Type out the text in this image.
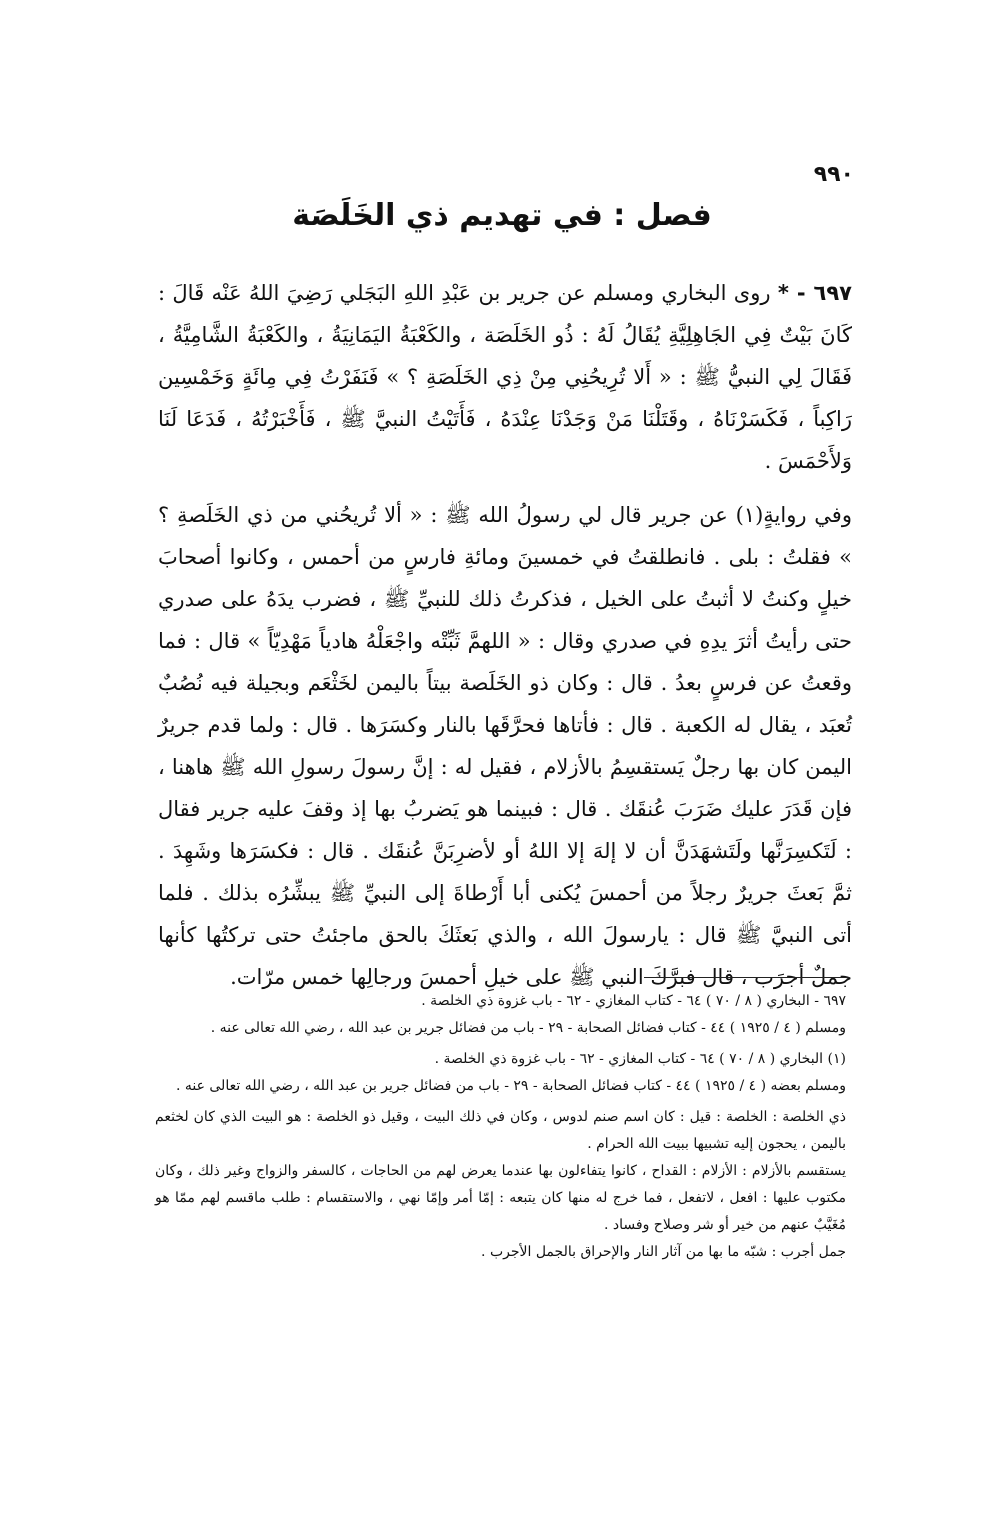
٩٩٠
فصل : في تهديم ذي الخَلَصَة

٦٩٧ - * روى البخاري ومسلم عن جرير بن عَبْدِ اللهِ البَجَلي رَضِيَ اللهُ عَنْه قَالَ : كَانَ بَيْتٌ فِي الجَاهِلِيَّةِ يُقَالُ لَهُ : ذُو الخَلَصَة ، والكَعْبَةُ اليَمَانِيَةُ ، والكَعْبَةُ الشَّامِيَّةُ ، فَقَالَ لِي النبيُّ ﷺ : « أَلا تُرِيحُنِي مِنْ ذِي الخَلَصَةِ ؟ » فَنَفَرْتُ فِي مِائَةٍ وَخَمْسِين رَاكِباً ، فَكَسَرْنَاهُ ، وقَتَلْنَا مَنْ وَجَدْنَا عِنْدَهُ ، فَأَتَيْتُ النبيَّ ﷺ ، فَأَخْبَرْتُهُ ، فَدَعَا لَنَا وَلأَحْمَسَ .

وفي روايةٍ(١) عن جرير قال لي رسولُ الله ﷺ : « ألا تُريحُني من ذي الخَلَصةِ ؟ » فقلتُ : بلى . فانطلقتُ في خمسينَ ومائةِ فارسٍ من أحمس ، وكانوا أصحابَ خيلٍ وكنتُ لا أثبتُ على الخيل ، فذكرتُ ذلك للنبيِّ ﷺ ، فضرب يدَهُ على صدري حتى رأيتُ أثرَ يدِهِ في صدري وقال : « اللهمَّ ثَبِّتْه واجْعَلْهُ هادياً مَهْدِيّاً » قال : فما وقعتُ عن فرسٍ بعدُ . قال : وكان ذو الخَلَصة بيتاً باليمن لخَثْعَم وبجيلة فيه نُصُبٌ تُعبَد ، يقال له الكعبة . قال : فأتاها فحرَّقَها بالنار وكسَرَها . قال : ولما قدم جريرٌ اليمن كان بها رجلٌ يَستقسِمُ بالأزلام ، فقيل له : إنَّ رسولَ رسولِ الله ﷺ هاهنا ، فإن قَدَرَ عليك ضَرَبَ عُنقَك . قال : فبينما هو يَضربُ بها إذ وقفَ عليه جرير فقال : لَتَكسِرَنَّها ولَتَشهَدَنَّ أن لا إلهَ إلا اللهُ أو لأضرِبَنَّ عُنقَك . قال : فكسَرَها وشَهِدَ . ثمَّ بَعثَ جريرٌ رجلاً من أحمسَ يُكنى أبا أَرْطاةَ إلى النبيِّ ﷺ يبشِّرُه بذلك . فلما أتى النبيَّ ﷺ قال : يارسولَ الله ، والذي بَعثَكَ بالحق ماجئتُ حتى تركتُها كأنها جملٌ أجرَب ، قال فبرَّكَ النبي ﷺ على خيلِ أحمسَ ورجالِها خمس مرّات.

٦٩٧ - البخاري ( ٨ / ٧٠ ) ٦٤ - كتاب المغازي - ٦٢ - باب غزوة ذي الخلصة .

ومسلم ( ٤ / ١٩٢٥ ) ٤٤ - كتاب فضائل الصحابة - ٢٩ - باب من فضائل جرير بن عبد الله ، رضي الله تعالى عنه .

(١) البخاري ( ٨ / ٧٠ ) ٦٤ - كتاب المغازي - ٦٢ - باب غزوة ذي الخلصة .

ومسلم بعضه ( ٤ / ١٩٢٥ ) ٤٤ - كتاب فضائل الصحابة - ٢٩ - باب من فضائل جرير بن عبد الله ، رضي الله تعالى عنه .

ذي الخلصة : الخلصة : قيل : كان اسم صنم لدوس ، وكان في ذلك البيت ، وقيل ذو الخلصة : هو البيت الذي كان لخثعم باليمن ، يحجون إليه تشبيها ببيت الله الحرام .

يستقسم بالأزلام : الأزلام : القداح ، كانوا يتفاءلون بها عندما يعرض لهم من الحاجات ، كالسفر والزواج وغير ذلك ، وكان مكتوب عليها : افعل ، لاتفعل ، فما خرج له منها كان يتبعه : إمّا أمر وإمّا نهي ، والاستقسام : طلب ماقسم لهم ممّا هو مُغَيَّبٌ عنهم من خير أو شر وصلاح وفساد .

جمل أجرب : شبّه ما بها من آثار النار والإحراق بالجمل الأجرب .
